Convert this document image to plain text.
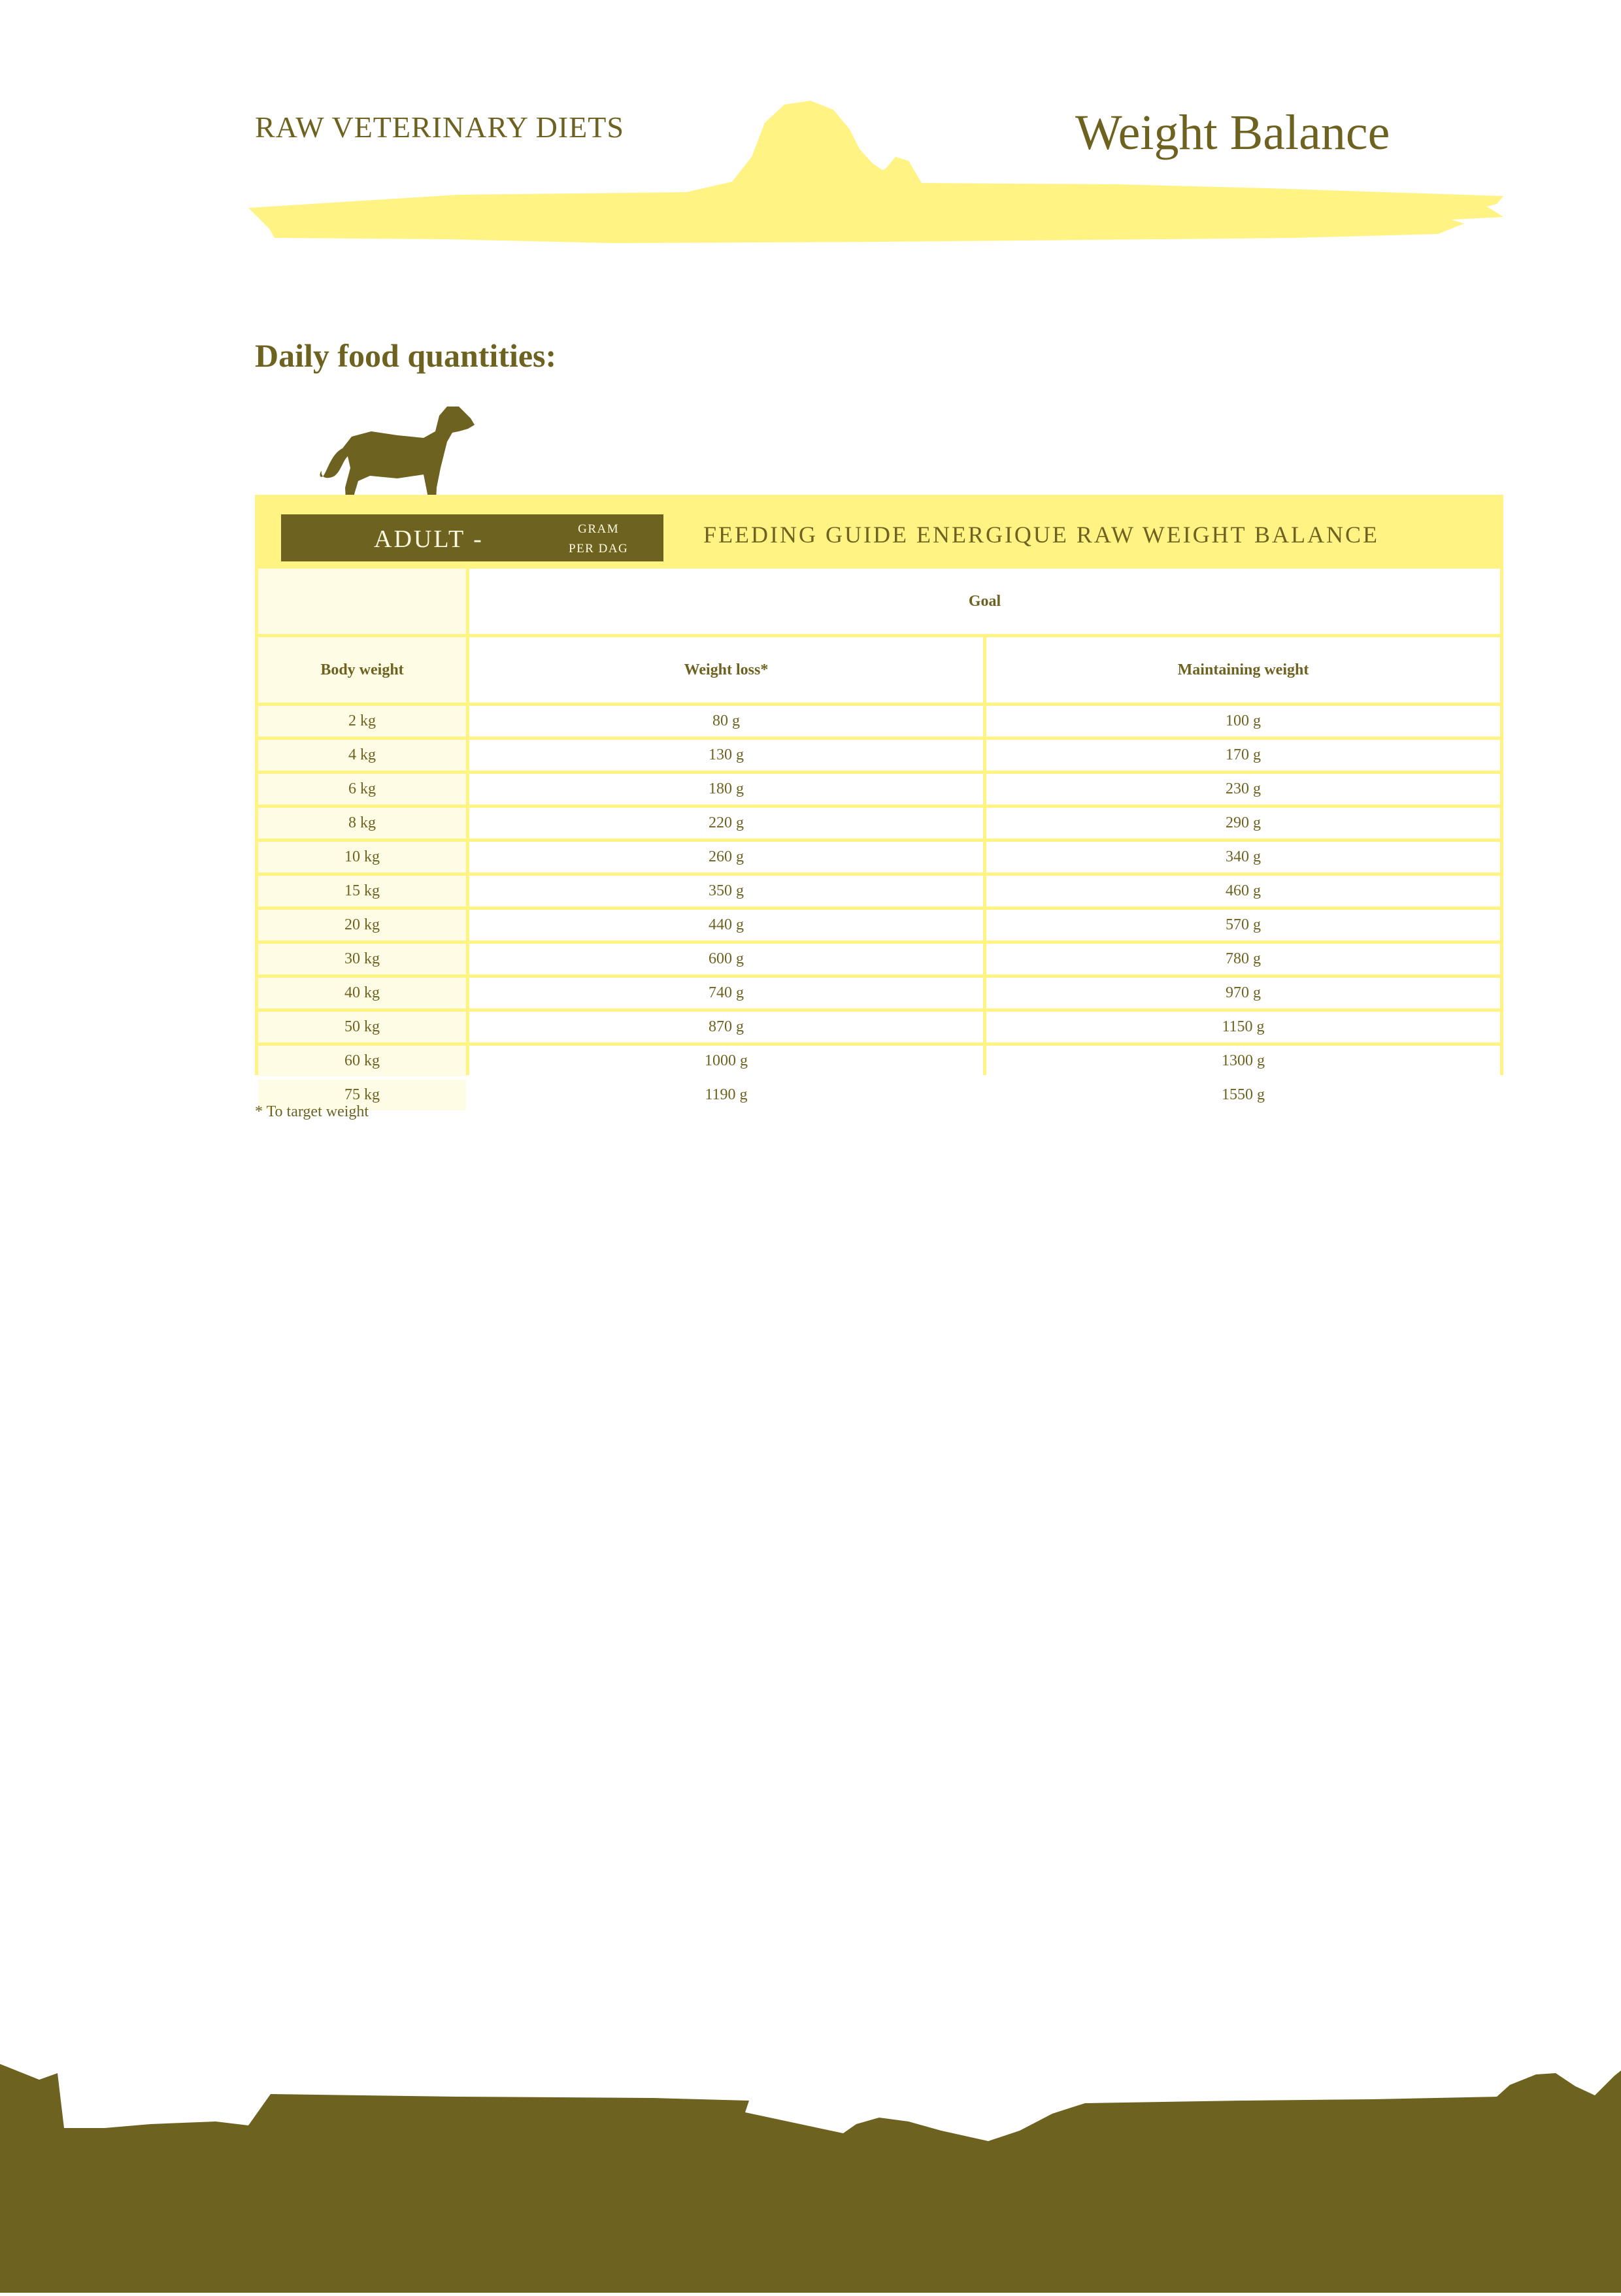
RAW VETERINARY DIETS	Weight Balance
Daily food quantities:
ADULT -	GRAM
PER DAG
FEEDING GUIDE ENERGIQUE RAW WEIGHT BALANCE
Goal
Body weight	Weight loss*	Maintaining weight
2 kg	80 g	100 g
4 kg	130 g	170 g
6 kg	180 g	230 g
8 kg	220 g	290 g
10 kg	260 g	340 g
15 kg	350 g	460 g
20 kg	440 g	570 g
30 kg	600 g	780 g
40 kg	740 g	970 g
50 kg	870 g	1150 g
60 kg	1000 g	1300 g
75 kg	1190 g	1550 g
* To target weight
